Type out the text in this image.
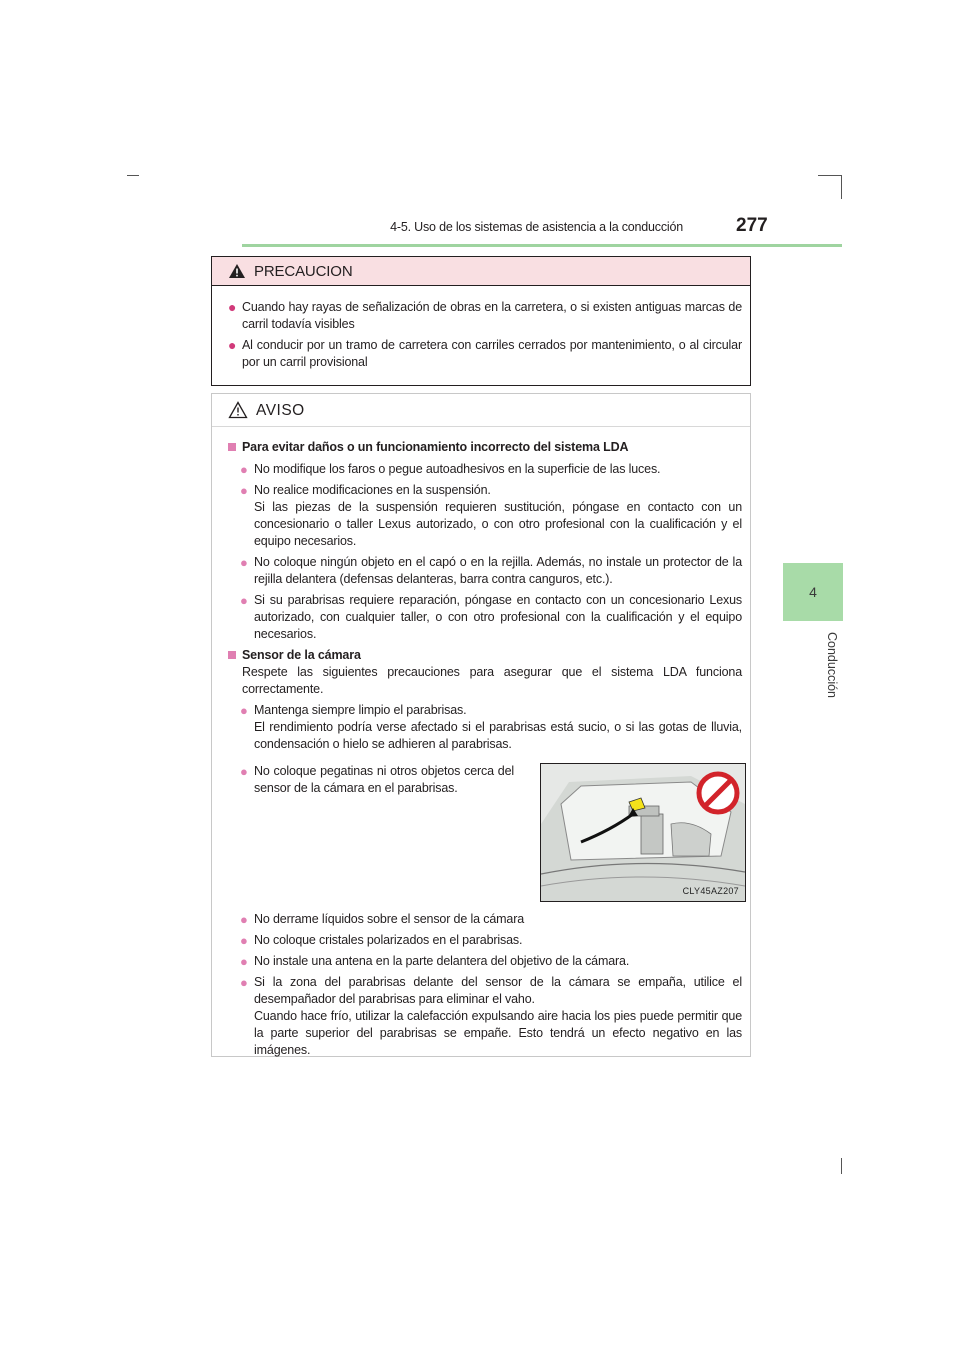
4-5. Uso de los sistemas de asistencia a la conducción	277
4
Conducción
PRECAUCION
● Cuando hay rayas de señalización de obras en la carretera, o si existen antiguas marcas de carril todavía visibles
● Al conducir por un tramo de carretera con carriles cerrados por mantenimiento, o al circular por un carril provisional
AVISO
Para evitar daños o un funcionamiento incorrecto del sistema LDA
● No modifique los faros o pegue autoadhesivos en la superficie de las luces.
● No realice modificaciones en la suspensión.
Si las piezas de la suspensión requieren sustitución, póngase en contacto con un concesionario o taller Lexus autorizado, o con otro profesional con la cualificación y el equipo necesarios.
● No coloque ningún objeto en el capó o en la rejilla. Además, no instale un protector de la rejilla delantera (defensas delanteras, barra contra canguros, etc.).
● Si su parabrisas requiere reparación, póngase en contacto con un concesionario Lexus autorizado, con cualquier taller, o con otro profesional con la cualificación y el equipo necesarios.
Sensor de la cámara
Respete las siguientes precauciones para asegurar que el sistema LDA funciona correctamente.
● Mantenga siempre limpio el parabrisas.
El rendimiento podría verse afectado si el parabrisas está sucio, o si las gotas de lluvia, condensación o hielo se adhieren al parabrisas.
● No coloque pegatinas ni otros objetos cerca del sensor de la cámara en el parabrisas.
CLY45AZ207
● No derrame líquidos sobre el sensor de la cámara
● No coloque cristales polarizados en el parabrisas.
● No instale una antena en la parte delantera del objetivo de la cámara.
● Si la zona del parabrisas delante del sensor de la cámara se empaña, utilice el desempañador del parabrisas para eliminar el vaho.
Cuando hace frío, utilizar la calefacción expulsando aire hacia los pies puede permitir que la parte superior del parabrisas se empañe. Esto tendrá un efecto negativo en las imágenes.
